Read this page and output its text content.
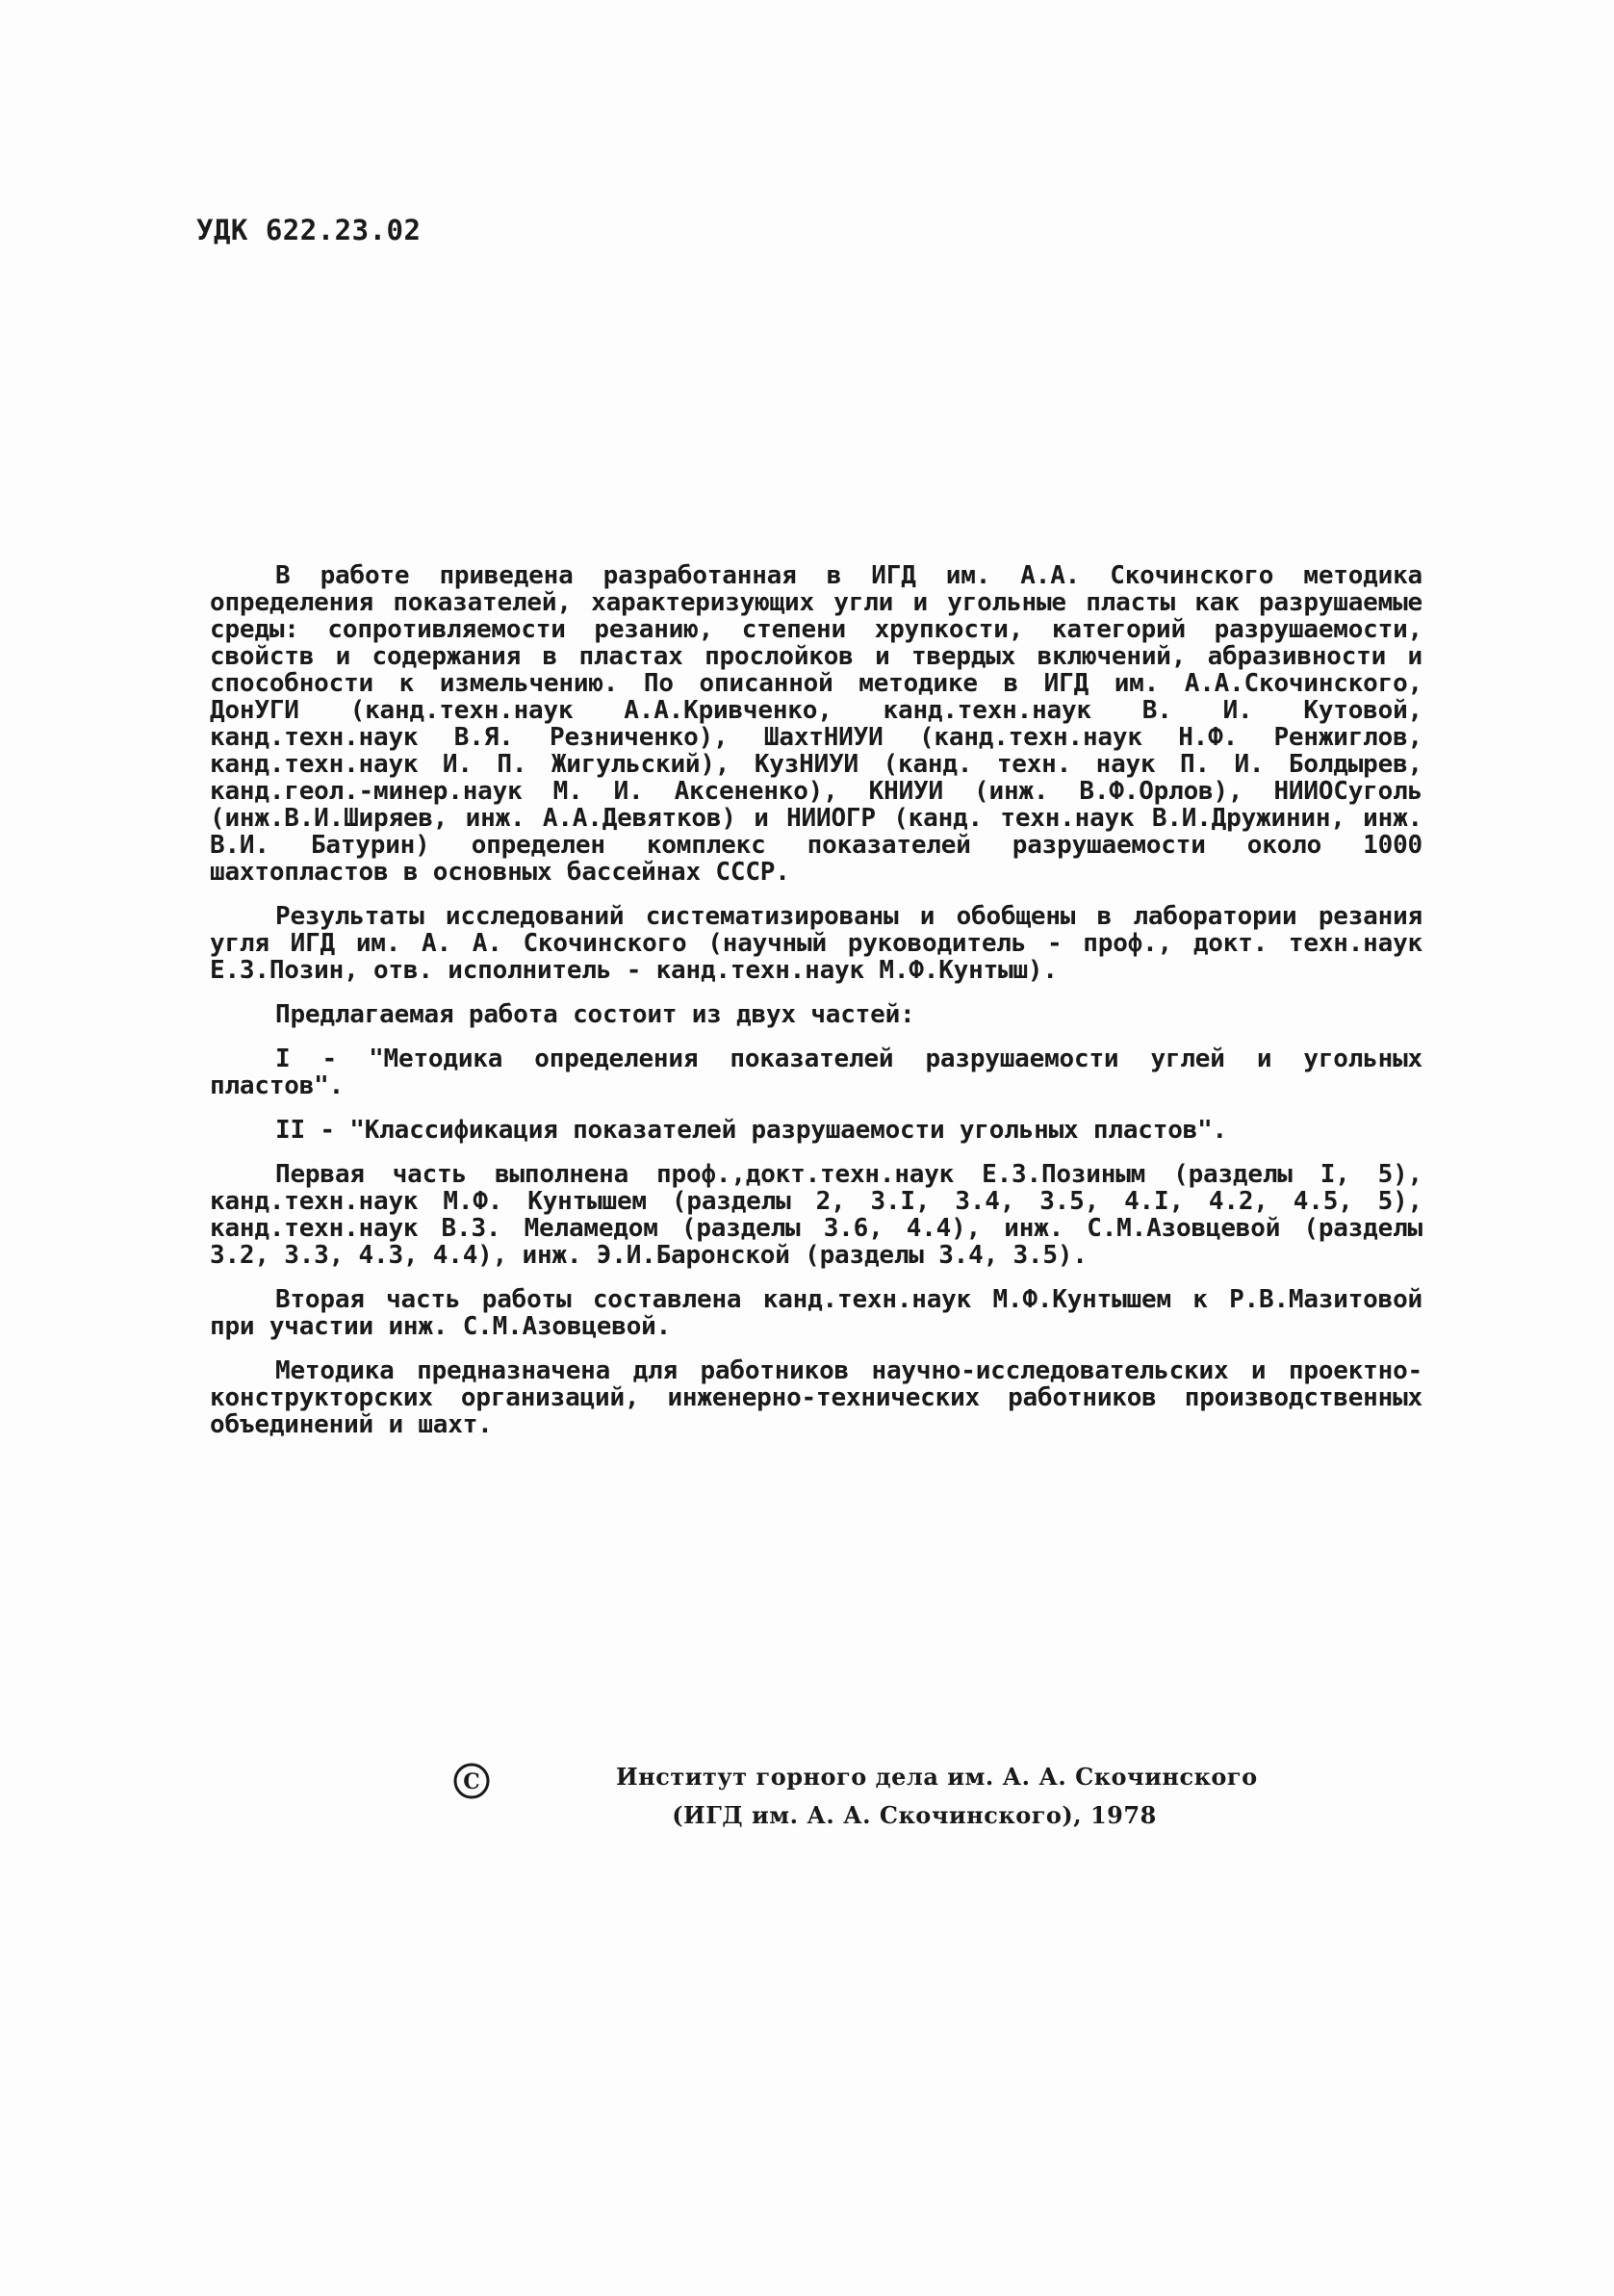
УДК 622.23.02

В работе приведена разработанная в ИГД им. А.А. Скочинского методика определения показателей, характеризующих угли и угольные пласты как разрушаемые среды: сопротивляемости резанию, степени хрупкости, категорий разрушаемости, свойств и содержания в пластах прослойков и твердых включений, абразивности и способности к измельчению. По описанной методике в ИГД им. А.А.Скочинского, ДонУГИ (канд.техн.наук А.А.Кривченко, канд.техн.наук В. И. Кутовой, канд.техн.наук В.Я. Резниченко), ШахтНИУИ (канд.техн.наук Н.Ф. Ренжиглов, канд.техн.наук И. П. Жигульский), КузНИУИ (канд. техн. наук П. И. Болдырев, канд.геол.-минер.наук М. И. Аксененко), КНИУИ (инж. В.Ф.Орлов), НИИОСуголь (инж.В.И.Ширяев, инж. А.А.Девятков) и НИИОГР (канд. техн.наук В.И.Дружинин, инж. В.И. Батурин) определен комплекс показателей разрушаемости около 1000 шахтопластов в основных бассейнах СССР.

Результаты исследований систематизированы и обобщены в лаборатории резания угля ИГД им. А. А. Скочинского (научный руководитель - проф., докт. техн.наук Е.З.Позин, отв. исполнитель - канд.техн.наук М.Ф.Кунтыш).

Предлагаемая работа состоит из двух частей:

I - "Методика определения показателей разрушаемости углей и угольных пластов".

II - "Классификация показателей разрушаемости угольных пластов".

Первая часть выполнена проф.,докт.техн.наук Е.З.Позиным (разделы I, 5), канд.техн.наук М.Ф. Кунтышем (разделы 2, 3.I, 3.4, 3.5, 4.I, 4.2, 4.5, 5), канд.техн.наук В.З. Меламедом (разделы 3.6, 4.4), инж. С.М.Азовцевой (разделы 3.2, 3.3, 4.3, 4.4), инж. Э.И.Баронской (разделы 3.4, 3.5).

Вторая часть работы составлена канд.техн.наук М.Ф.Кунтышем к Р.В.Мазитовой при участии инж. С.М.Азовцевой.

Методика предназначена для работников научно-исследовательских и проектно-конструкторских организаций, инженерно-технических работников производственных объединений и шахт.

C	Институт горного дела им. А. А. Скочинского
(ИГД им. А. А. Скочинского), 1978
